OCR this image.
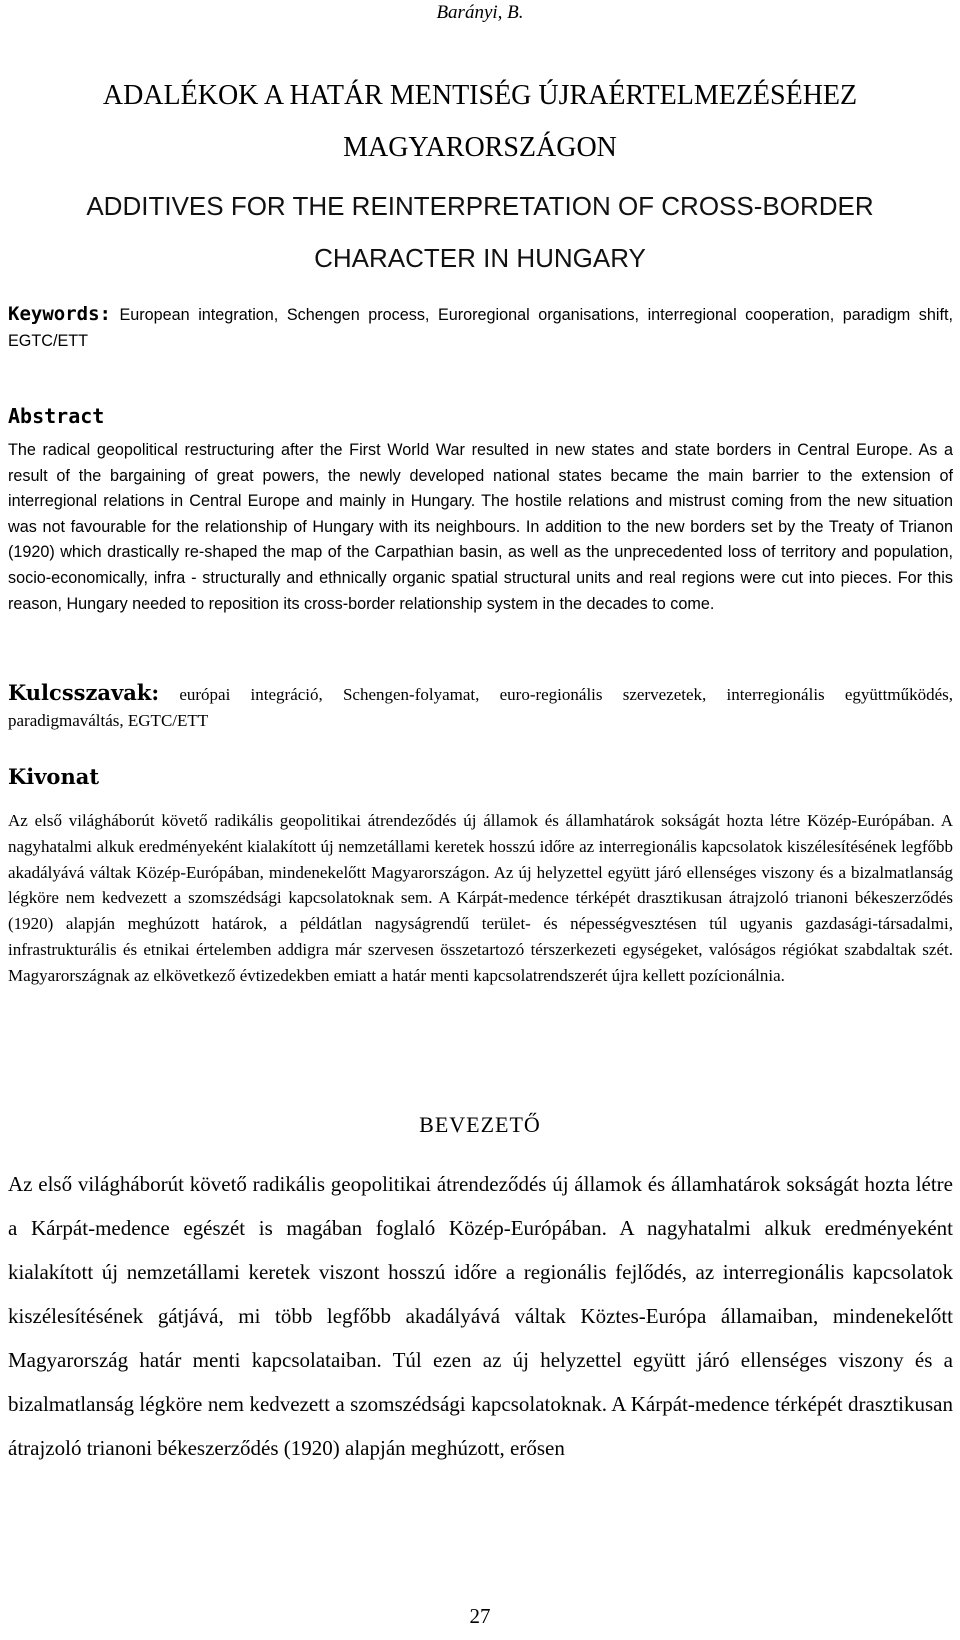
Barányi, B.
ADALÉKOK A HATÁR MENTISÉG ÚJRAÉRTELMEZÉSÉHEZ
MAGYARORSZÁGON
ADDITIVES FOR THE REINTERPRETATION OF CROSS-BORDER
CHARACTER IN HUNGARY
Keywords: European integration, Schengen process, Euroregional organisations, interregional cooperation, paradigm shift, EGTC/ETT
Abstract
The radical geopolitical restructuring after the First World War resulted in new states and state borders in Central Europe. As a result of the bargaining of great powers, the newly developed national states became the main barrier to the extension of interregional relations in Central Europe and mainly in Hungary. The hostile relations and mistrust coming from the new situation was not favourable for the relationship of Hungary with its neighbours. In addition to the new borders set by the Treaty of Trianon (1920) which drastically re-shaped the map of the Carpathian basin, as well as the unprecedented loss of territory and population, socio-economically, infra - structurally and ethnically organic spatial structural units and real regions were cut into pieces. For this reason, Hungary needed to reposition its cross-border relationship system in the decades to come.
Kulcsszavak: európai integráció, Schengen-folyamat, euro-regionális szervezetek, interregionális együttműködés, paradigmaváltás, EGTC/ETT
Kivonat
Az első világháborút követő radikális geopolitikai átrendeződés új államok és államhatárok sokságát hozta létre Közép-Európában. A nagyhatalmi alkuk eredményeként kialakított új nemzetállami keretek hosszú időre az interregionális kapcsolatok kiszélesítésének legfőbb akadályává váltak Közép-Európában, mindenekelőtt Magyarországon. Az új helyzettel együtt járó ellenséges viszony és a bizalmatlanság légköre nem kedvezett a szomszédsági kapcsolatoknak sem. A Kárpát-medence térképét drasztikusan átrajzoló trianoni békeszerződés (1920) alapján meghúzott határok, a példátlan nagyságrendű terület- és népességvesztésen túl ugyanis gazdasági-társadalmi, infrastrukturális és etnikai értelemben addigra már szervesen összetartozó térszerkezeti egységeket, valóságos régiókat szabdaltak szét. Magyarországnak az elkövetkező évtizedekben emiatt a határ menti kapcsolatrendszerét újra kellett pozícionálnia.
BEVEZETŐ
Az első világháborút követő radikális geopolitikai átrendeződés új államok és államhatárok sokságát hozta létre a Kárpát-medence egészét is magában foglaló Közép-Európában. A nagyhatalmi alkuk eredményeként kialakított új nemzetállami keretek viszont hosszú időre a regionális fejlődés, az interregionális kapcsolatok kiszélesítésének gátjává, mi több legfőbb akadályává váltak Köztes-Európa államaiban, mindenekelőtt Magyarország határ menti kapcsolataiban. Túl ezen az új helyzettel együtt járó ellenséges viszony és a bizalmatlanság légköre nem kedvezett a szomszédsági kapcsolatoknak. A Kárpát-medence térképét drasztikusan átrajzoló trianoni békeszerződés (1920) alapján meghúzott, erősen
27
